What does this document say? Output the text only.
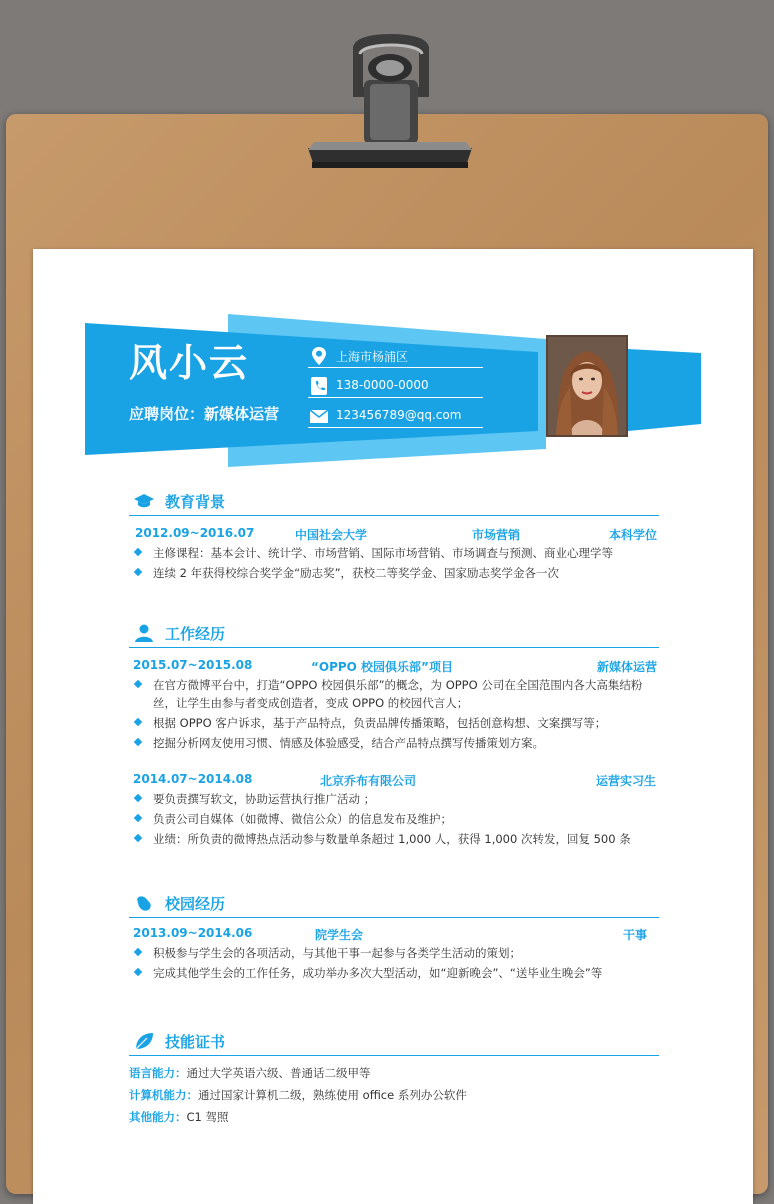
风小云
应聘岗位：新媒体运营
上海市杨浦区
138-0000-0000
123456789@qq.com
教育背景
2012.09~2016.07	中国社会大学	市场营销	本科学位
主修课程：基本会计、统计学、市场营销、国际市场营销、市场调查与预测、商业心理学等
连续 2 年获得校综合奖学金“励志奖”，获校二等奖学金、国家励志奖学金各一次
工作经历
2015.07~2015.08	“OPPO 校园俱乐部”项目	新媒体运营
在官方微博平台中，打造“OPPO 校园俱乐部”的概念，为 OPPO 公司在全国范围内各大高集结粉丝，让学生由参与者变成创造者，变成 OPPO 的校园代言人；
根据 OPPO 客户诉求，基于产品特点，负责品牌传播策略，包括创意构想、文案撰写等；
挖掘分析网友使用习惯、情感及体验感受，结合产品特点撰写传播策划方案。
2014.07~2014.08	北京乔布有限公司	运营实习生
要负责撰写软文，协助运营执行推广活动 ；
负责公司自媒体（如微博、微信公众）的信息发布及维护；
业绩：所负责的微博热点活动参与数量单条超过 1,000 人，获得 1,000 次转发，回复 500 条
校园经历
2013.09~2014.06	院学生会	干事
积极参与学生会的各项活动，与其他干事一起参与各类学生活动的策划；
完成其他学生会的工作任务，成功举办多次大型活动，如“迎新晚会”、“送毕业生晚会”等
技能证书
语言能力：通过大学英语六级、普通话二级甲等
计算机能力：通过国家计算机二级，熟练使用 office 系列办公软件
其他能力：C1 驾照
